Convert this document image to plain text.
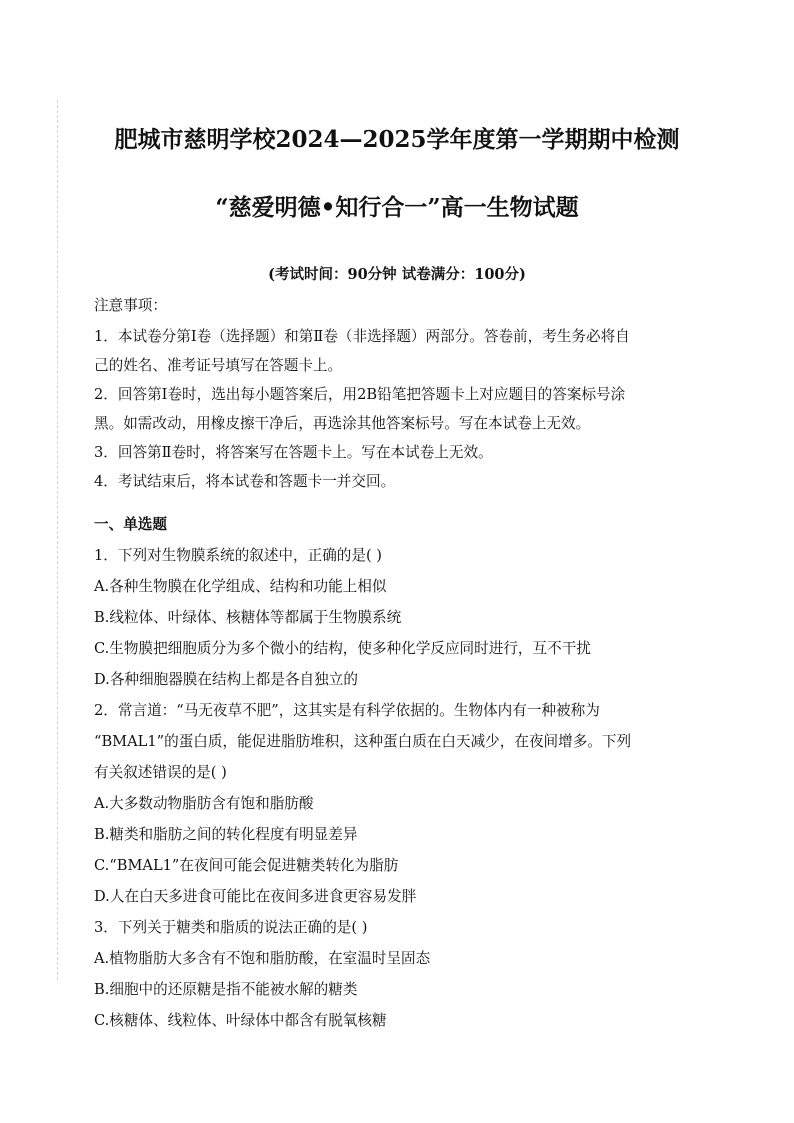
肥城市慈明学校2024—2025学年度第一学期期中检测
“慈爱明德•知行合一”高一生物试题
(考试时间：90分钟 试卷满分：100分)
注意事项：
1．本试卷分第Ⅰ卷（选择题）和第Ⅱ卷（非选择题）两部分。答卷前，考生务必将自
己的姓名、准考证号填写在答题卡上。
2．回答第Ⅰ卷时，选出每小题答案后，用2B铅笔把答题卡上对应题目的答案标号涂
黑。如需改动，用橡皮擦干净后，再选涂其他答案标号。写在本试卷上无效。
3．回答第Ⅱ卷时，将答案写在答题卡上。写在本试卷上无效。
4．考试结束后，将本试卷和答题卡一并交回。
一、单选题
1．下列对生物膜系统的叙述中，正确的是( )
A.各种生物膜在化学组成、结构和功能上相似
B.线粒体、叶绿体、核糖体等都属于生物膜系统
C.生物膜把细胞质分为多个微小的结构，使多种化学反应同时进行，互不干扰
D.各种细胞器膜在结构上都是各自独立的
2．常言道：“马无夜草不肥”，这其实是有科学依据的。生物体内有一种被称为
“BMAL1”的蛋白质，能促进脂肪堆积，这种蛋白质在白天减少，在夜间增多。下列
有关叙述错误的是( )
A.大多数动物脂肪含有饱和脂肪酸
B.糖类和脂肪之间的转化程度有明显差异
C.“BMAL1”在夜间可能会促进糖类转化为脂肪
D.人在白天多进食可能比在夜间多进食更容易发胖
3．下列关于糖类和脂质的说法正确的是( )
A.植物脂肪大多含有不饱和脂肪酸，在室温时呈固态
B.细胞中的还原糖是指不能被水解的糖类
C.核糖体、线粒体、叶绿体中都含有脱氧核糖
